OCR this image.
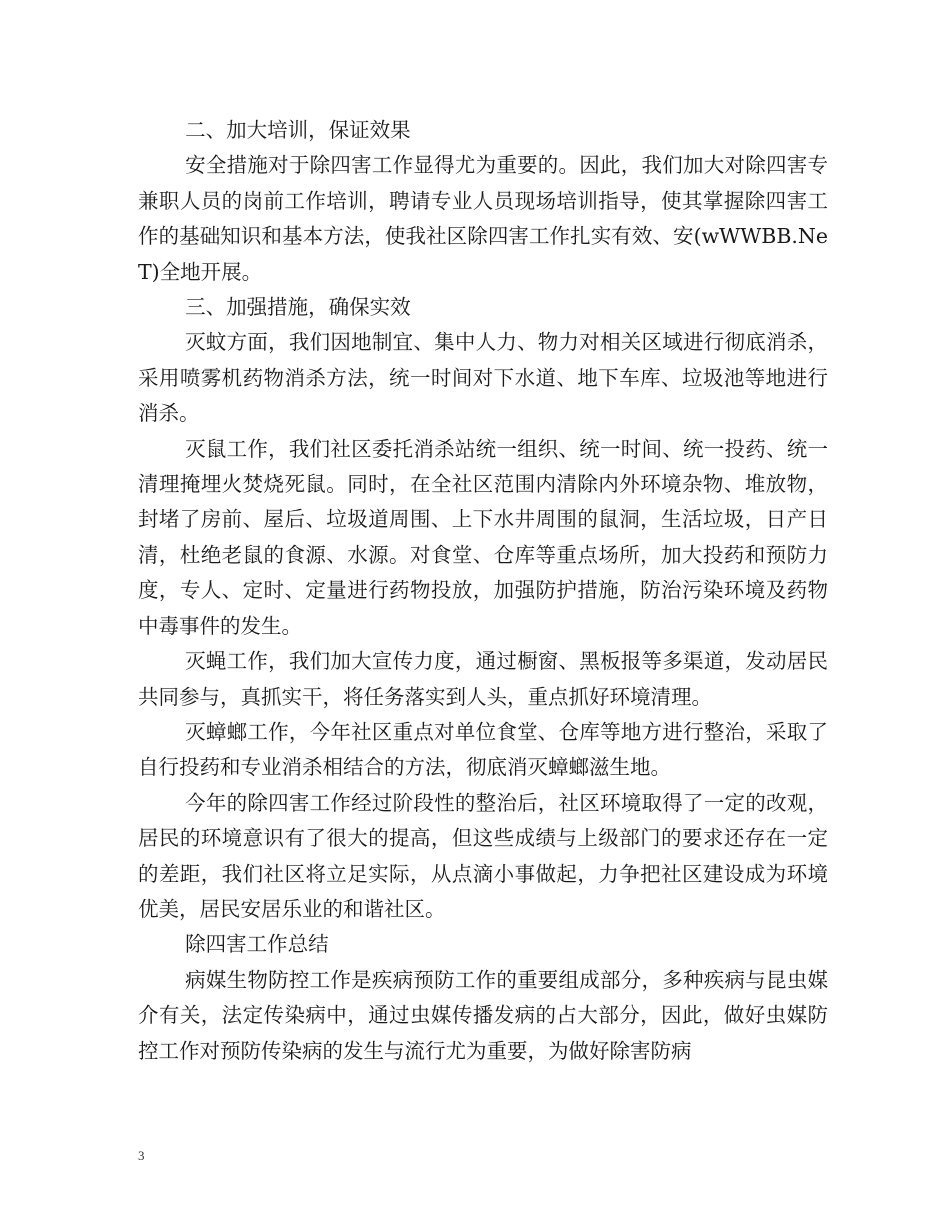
二、加大培训，保证效果

安全措施对于除四害工作显得尤为重要的。因此，我们加大对除四害专兼职人员的岗前工作培训，聘请专业人员现场培训指导，使其掌握除四害工作的基础知识和基本方法，使我社区除四害工作扎实有效、安(wWWBB.NeT)全地开展。

三、加强措施，确保实效

灭蚊方面，我们因地制宜、集中人力、物力对相关区域进行彻底消杀，采用喷雾机药物消杀方法，统一时间对下水道、地下车库、垃圾池等地进行消杀。

灭鼠工作，我们社区委托消杀站统一组织、统一时间、统一投药、统一清理掩埋火焚烧死鼠。同时，在全社区范围内清除内外环境杂物、堆放物，封堵了房前、屋后、垃圾道周围、上下水井周围的鼠洞，生活垃圾，日产日清，杜绝老鼠的食源、水源。对食堂、仓库等重点场所，加大投药和预防力度，专人、定时、定量进行药物投放，加强防护措施，防治污染环境及药物中毒事件的发生。

灭蝇工作，我们加大宣传力度，通过橱窗、黑板报等多渠道，发动居民共同参与，真抓实干，将任务落实到人头，重点抓好环境清理。

灭蟑螂工作，今年社区重点对单位食堂、仓库等地方进行整治，采取了自行投药和专业消杀相结合的方法，彻底消灭蟑螂滋生地。

今年的除四害工作经过阶段性的整治后，社区环境取得了一定的改观，居民的环境意识有了很大的提高，但这些成绩与上级部门的要求还存在一定的差距，我们社区将立足实际，从点滴小事做起，力争把社区建设成为环境优美，居民安居乐业的和谐社区。

除四害工作总结

病媒生物防控工作是疾病预防工作的重要组成部分，多种疾病与昆虫媒介有关，法定传染病中，通过虫媒传播发病的占大部分，因此，做好虫媒防控工作对预防传染病的发生与流行尤为重要，为做好除害防病

3
